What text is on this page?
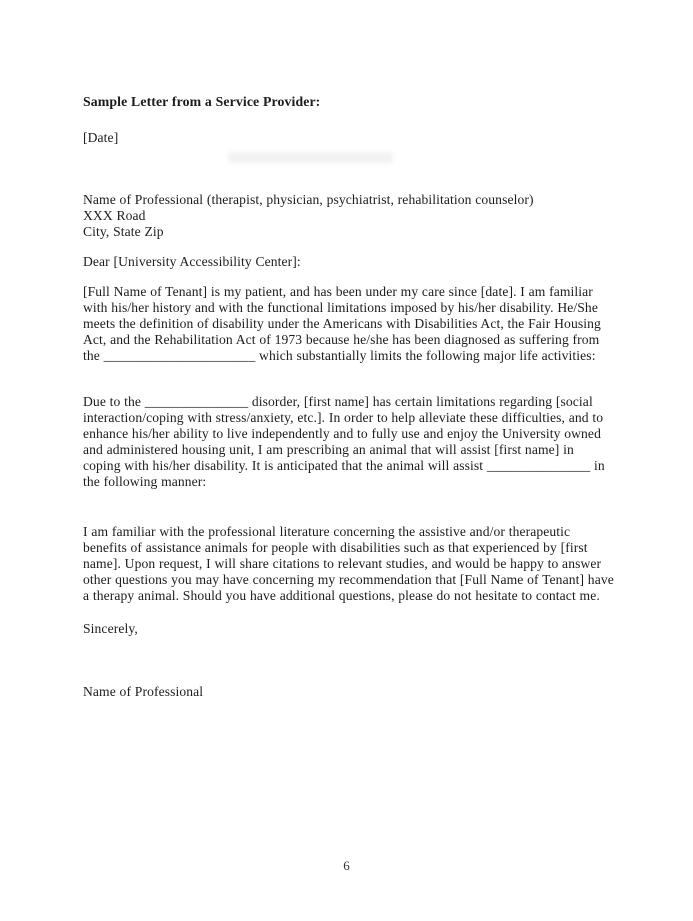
Sample Letter from a Service Provider:
[Date]
Name of Professional (therapist, physician, psychiatrist, rehabilitation counselor)
XXX Road
City, State Zip
Dear [University Accessibility Center]:

[Full Name of Tenant] is my patient, and has been under my care since [date]. I am familiar with his/her history and with the functional limitations imposed by his/her disability. He/She meets the definition of disability under the Americans with Disabilities Act, the Fair Housing Act, and the Rehabilitation Act of 1973 because he/she has been diagnosed as suffering from the ______________________ which substantially limits the following major life activities:

Due to the _______________ disorder, [first name] has certain limitations regarding [social interaction/coping with stress/anxiety, etc.]. In order to help alleviate these difficulties, and to enhance his/her ability to live independently and to fully use and enjoy the University owned and administered housing unit, I am prescribing an animal that will assist [first name] in coping with his/her disability. It is anticipated that the animal will assist _______________ in the following manner:

I am familiar with the professional literature concerning the assistive and/or therapeutic benefits of assistance animals for people with disabilities such as that experienced by [first name]. Upon request, I will share citations to relevant studies, and would be happy to answer other questions you may have concerning my recommendation that [Full Name of Tenant] have a therapy animal. Should you have additional questions, please do not hesitate to contact me.

Sincerely,
Name of Professional
6
